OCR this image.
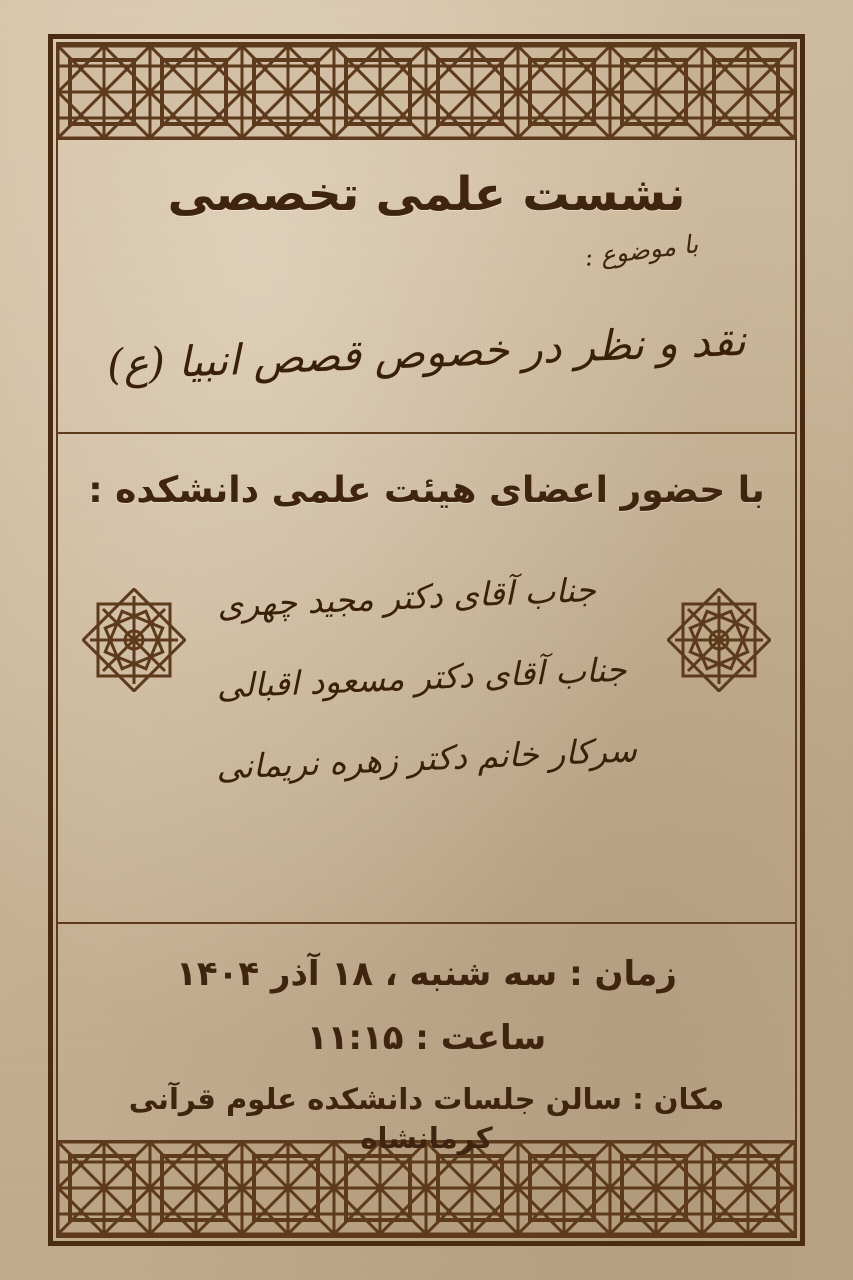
نشست علمی تخصصی
با موضوع :
نقد و نظر در خصوص قصص انبیا (ع)
با حضور اعضای هیئت علمی دانشکده :
جناب آقای دکتر مجید چهری
جناب آقای دکتر مسعود اقبالی
سرکار خانم دکتر زهره نریمانی
زمان : سه شنبه ، ۱۸ آذر ۱۴۰۴
ساعت : ۱۱:۱۵
مکان : سالن جلسات دانشکده علوم قرآنی کرمانشاه
